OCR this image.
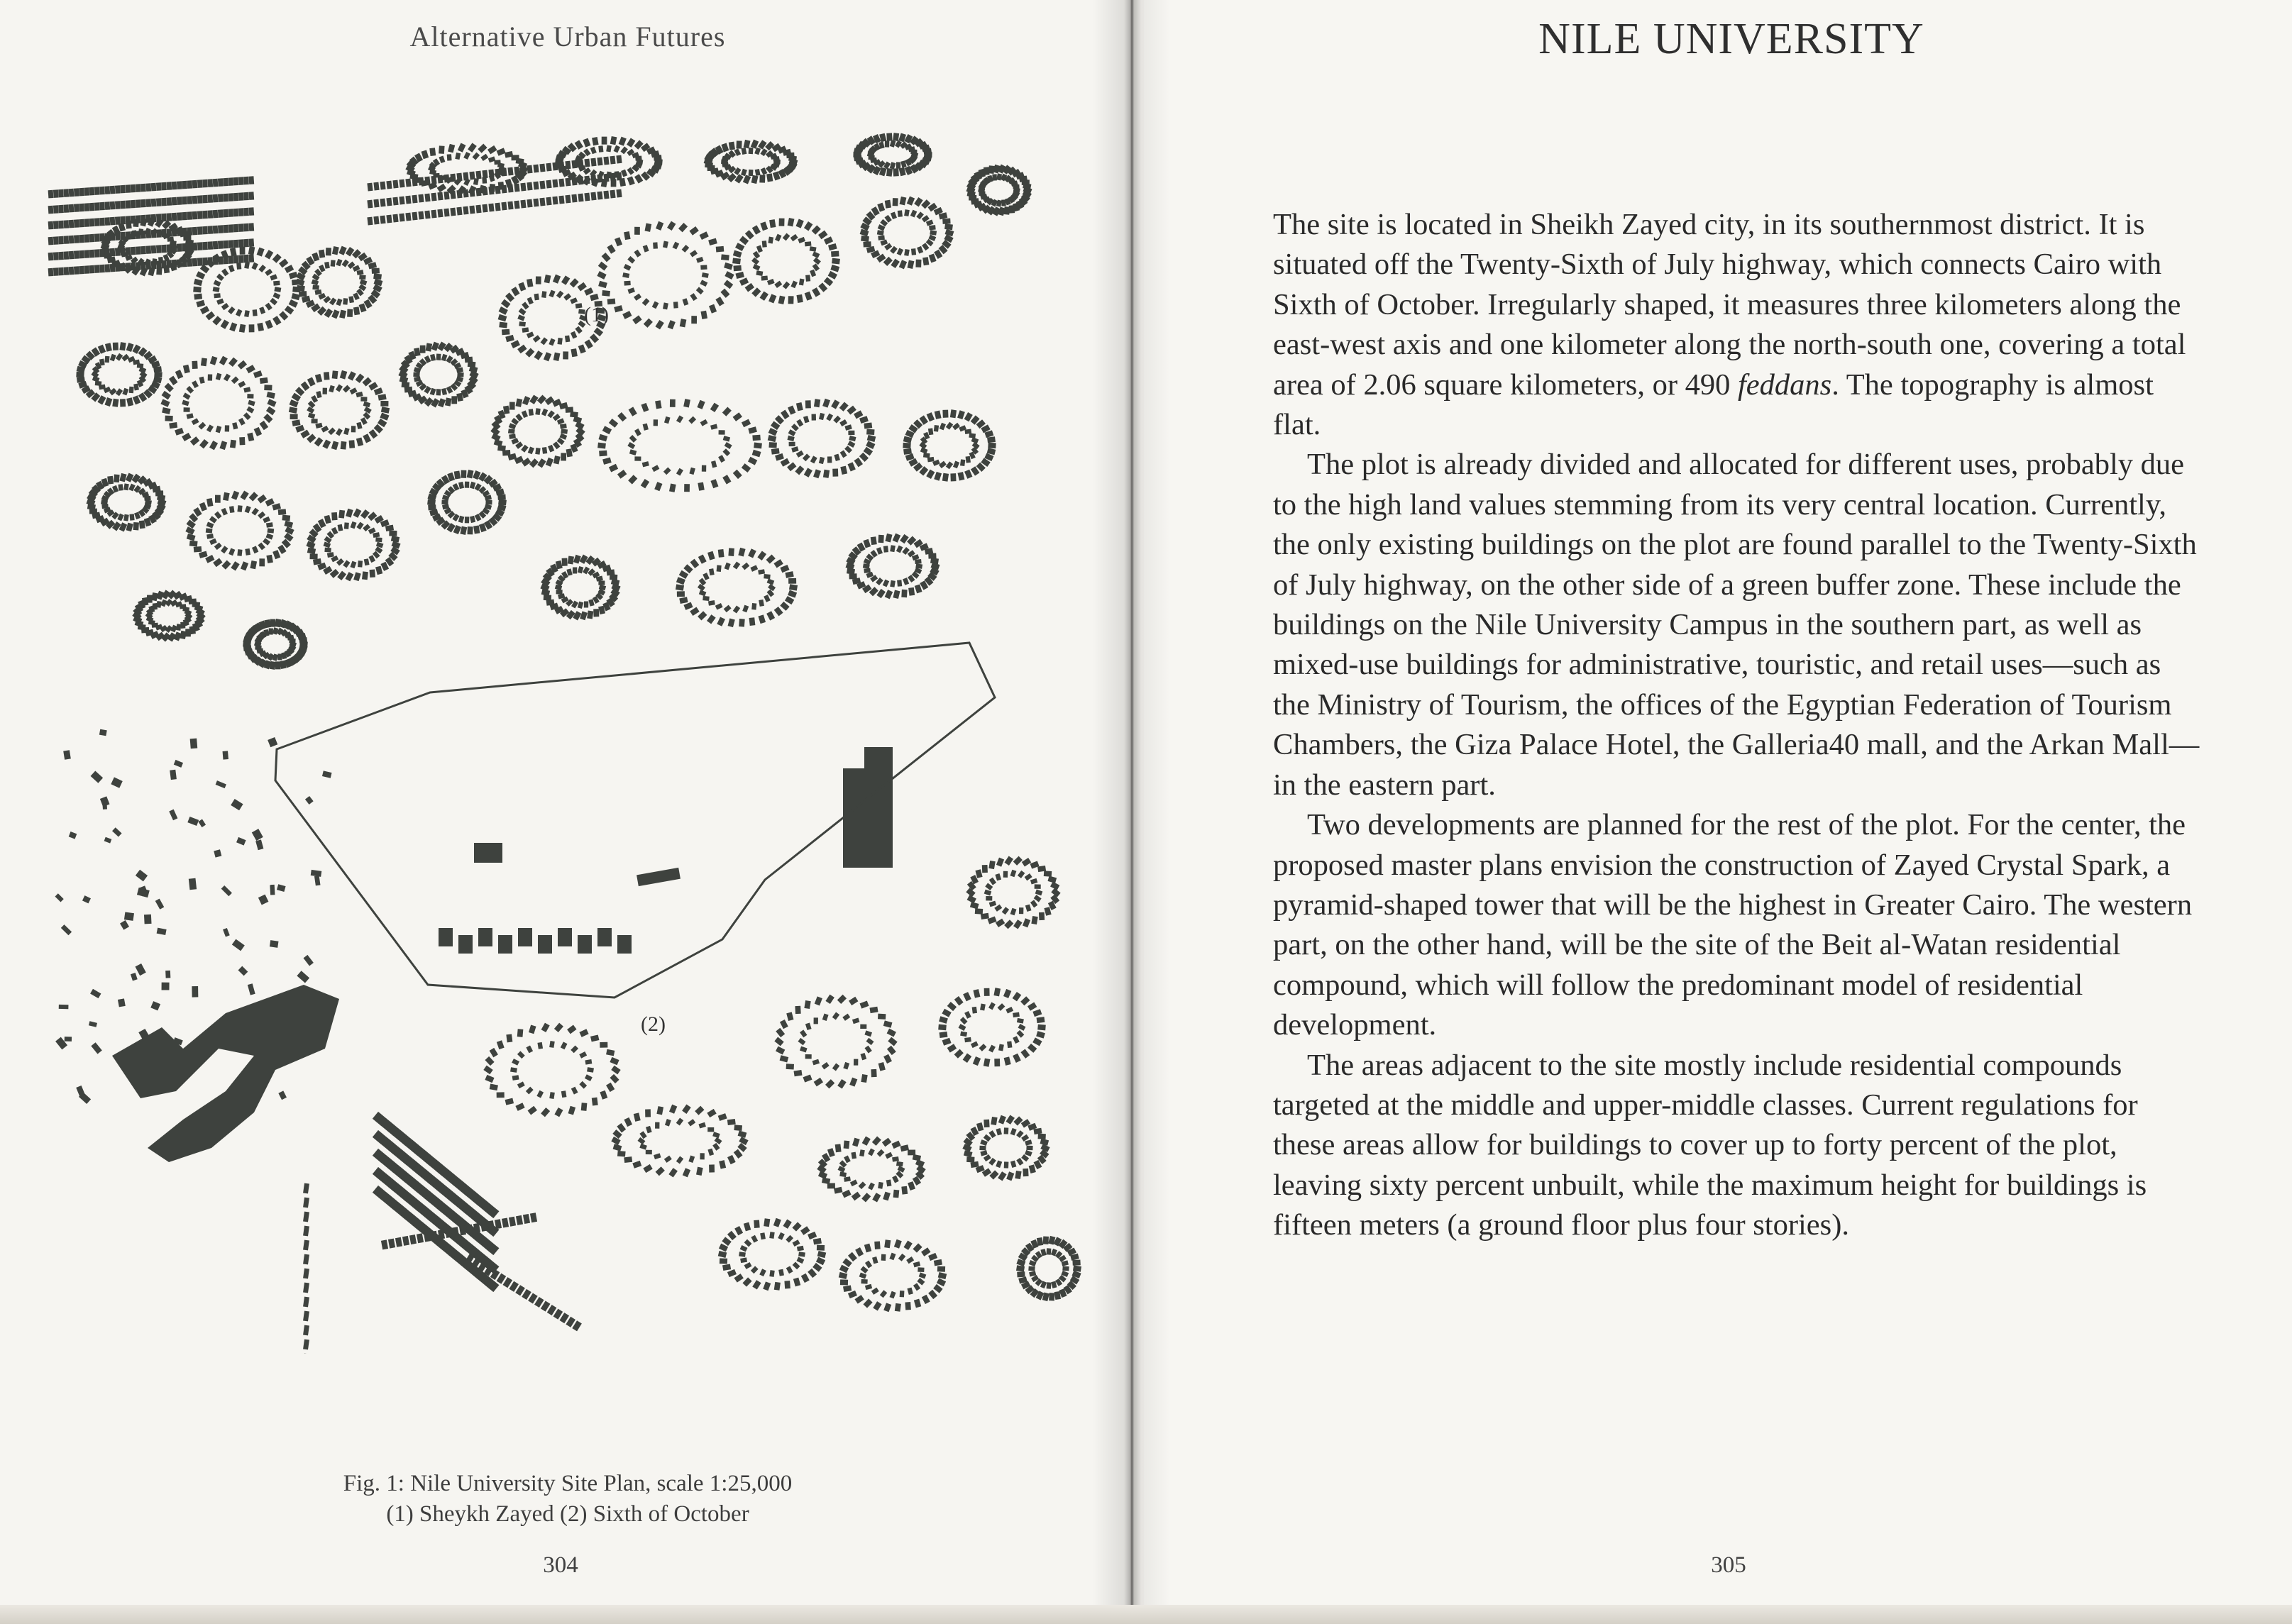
Alternative Urban Futures
(1)
(2)
Fig. 1: Nile University Site Plan, scale 1:25,000
(1) Sheykh Zayed (2) Sixth of October
304
NILE UNIVERSITY

The site is located in Sheikh Zayed city, in its southernmost district. It is situated off the Twenty-Sixth of July highway, which connects Cairo with Sixth of October. Irregularly shaped, it measures three kilometers along the east-west axis and one kilometer along the north-south one, covering a total area of 2.06 square kilometers, or 490 feddans. The topography is almost flat.

The plot is already divided and allocated for different uses, probably due to the high land values stemming from its very central location. Currently, the only existing buildings on the plot are found parallel to the Twenty-Sixth of July highway, on the other side of a green buffer zone. These include the buildings on the Nile University Campus in the southern part, as well as mixed-use buildings for administrative, touristic, and retail uses—such as the Ministry of Tourism, the offices of the Egyptian Federation of Tourism Chambers, the Giza Palace Hotel, the Galleria40 mall, and the Arkan Mall—in the eastern part.

Two developments are planned for the rest of the plot. For the center, the proposed master plans envision the construction of Zayed Crystal Spark, a pyramid-shaped tower that will be the highest in Greater Cairo. The western part, on the other hand, will be the site of the Beit al-Watan residential compound, which will follow the predominant model of residential development.

The areas adjacent to the site mostly include residential compounds targeted at the middle and upper-middle classes. Current regulations for these areas allow for buildings to cover up to forty percent of the plot, leaving sixty percent unbuilt, while the maximum height for buildings is fifteen meters (a ground floor plus four stories).

305
